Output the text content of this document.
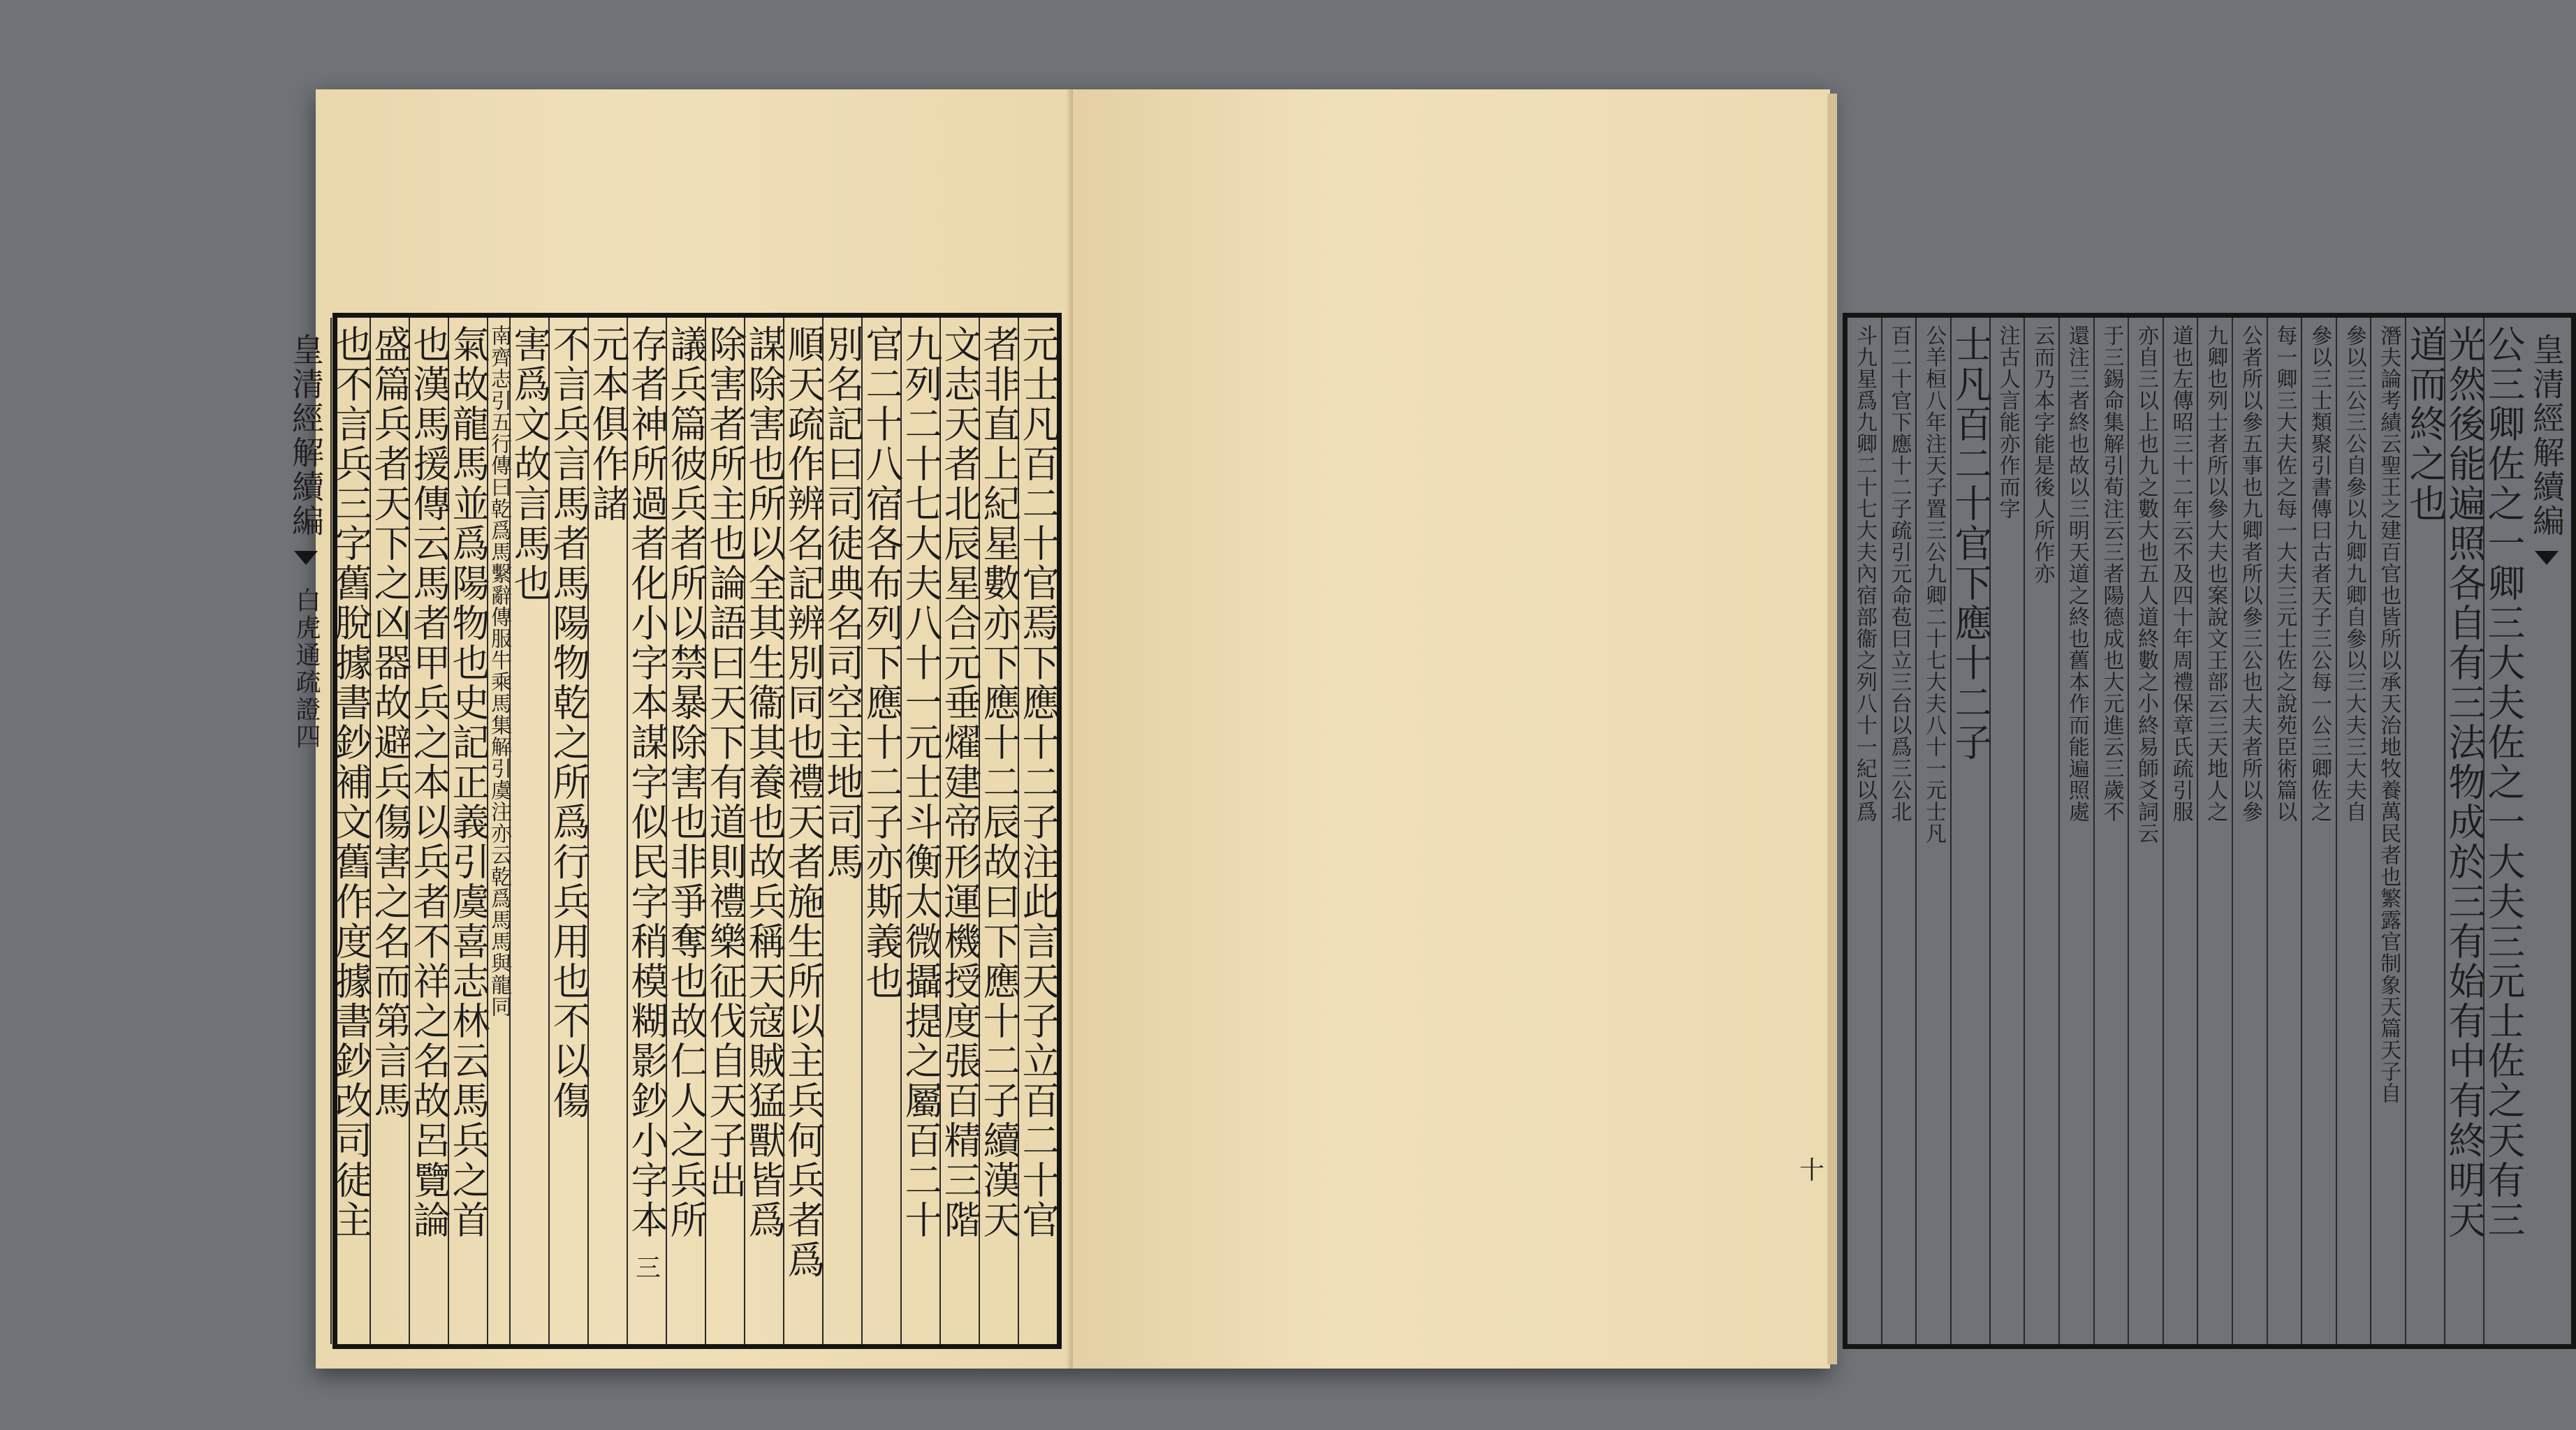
元士凡百二十官焉下應十二子注此言天子立百二十官
者非直上紀星數亦下應十二辰故曰下應十二子續漢天
文志天者北辰星合元垂燿建帝形運機授度張百精三階
九列二十七大夫八十一元士斗衡太微攝提之屬百二十
官二十八宿各布列下應十二子亦斯義也
別名記曰司徒典名司空主地司馬
順天疏作辨名記辨別同也禮天者施生所以主兵何兵者爲
謀除害也所以全其生衞其養也故兵稱天寇賊猛獸皆爲
除害者所主也論語曰天下有道則禮樂征伐自天子出
議兵篇彼兵者所以禁暴除害也非爭奪也故仁人之兵所
存者神所過者化小字本謀字似民字稍模糊影鈔小字本
元本俱作諸
不言兵言馬者馬陽物乾之所爲行兵用也不以傷
害爲文故言馬也
南齊志引五行傳曰乾爲馬繫辭傳服牛乘馬集解引虞注亦云乾爲馬馬與龍同
氣故龍馬並爲陽物也史記正義引虞喜志林云馬兵之首
也漢馬援傳云馬者甲兵之本以兵者不祥之名故呂覽論
盛篇兵者天下之凶器故避兵傷害之名而第言馬
也不言兵三字舊脫據書鈔補文舊作度據書鈔改司徒主
皇清經解續編
白虎通疏證四
三
皇清經解續編
公三卿佐之一卿三大夫佐之一大夫三元士佐之天有三
光然後能遍照各自有三法物成於三有始有中有終明天
道而終之也
潛夫論考績云聖王之建百官也皆所以承天治地牧養萬民者也繁露官制象天篇天子自
參以三公三公自參以九卿九卿自參以三大夫三大夫自
參以三士類聚引書傳曰古者天子三公每一公三卿佐之
每一卿三大夫佐之每一大夫三元士佐之說苑臣術篇以
公者所以參五事也九卿者所以參三公也大夫者所以參
九卿也列士者所以參大夫也案說文王部云三天地人之
道也左傳昭三十二年云不及四十年周禮保章氏疏引服
亦自三以上也九之數大也五人道終數之小終易師爻詞云
于三錫命集解引荀注云三者陽德成也大元進云三歲不
還注三者終也故以三明天道之終也舊本作而能遍照處
云而乃本字能是後人所作亦
注古人言能亦作而字
士凡百二十官下應十二子
公羊桓八年注天子置三公九卿二十七大夫八十一元士凡
百二十官下應十二子疏引元命苞曰立三台以爲三公北
斗九星爲九卿二十七大夫內宿部衞之列八十一紀以爲
十
